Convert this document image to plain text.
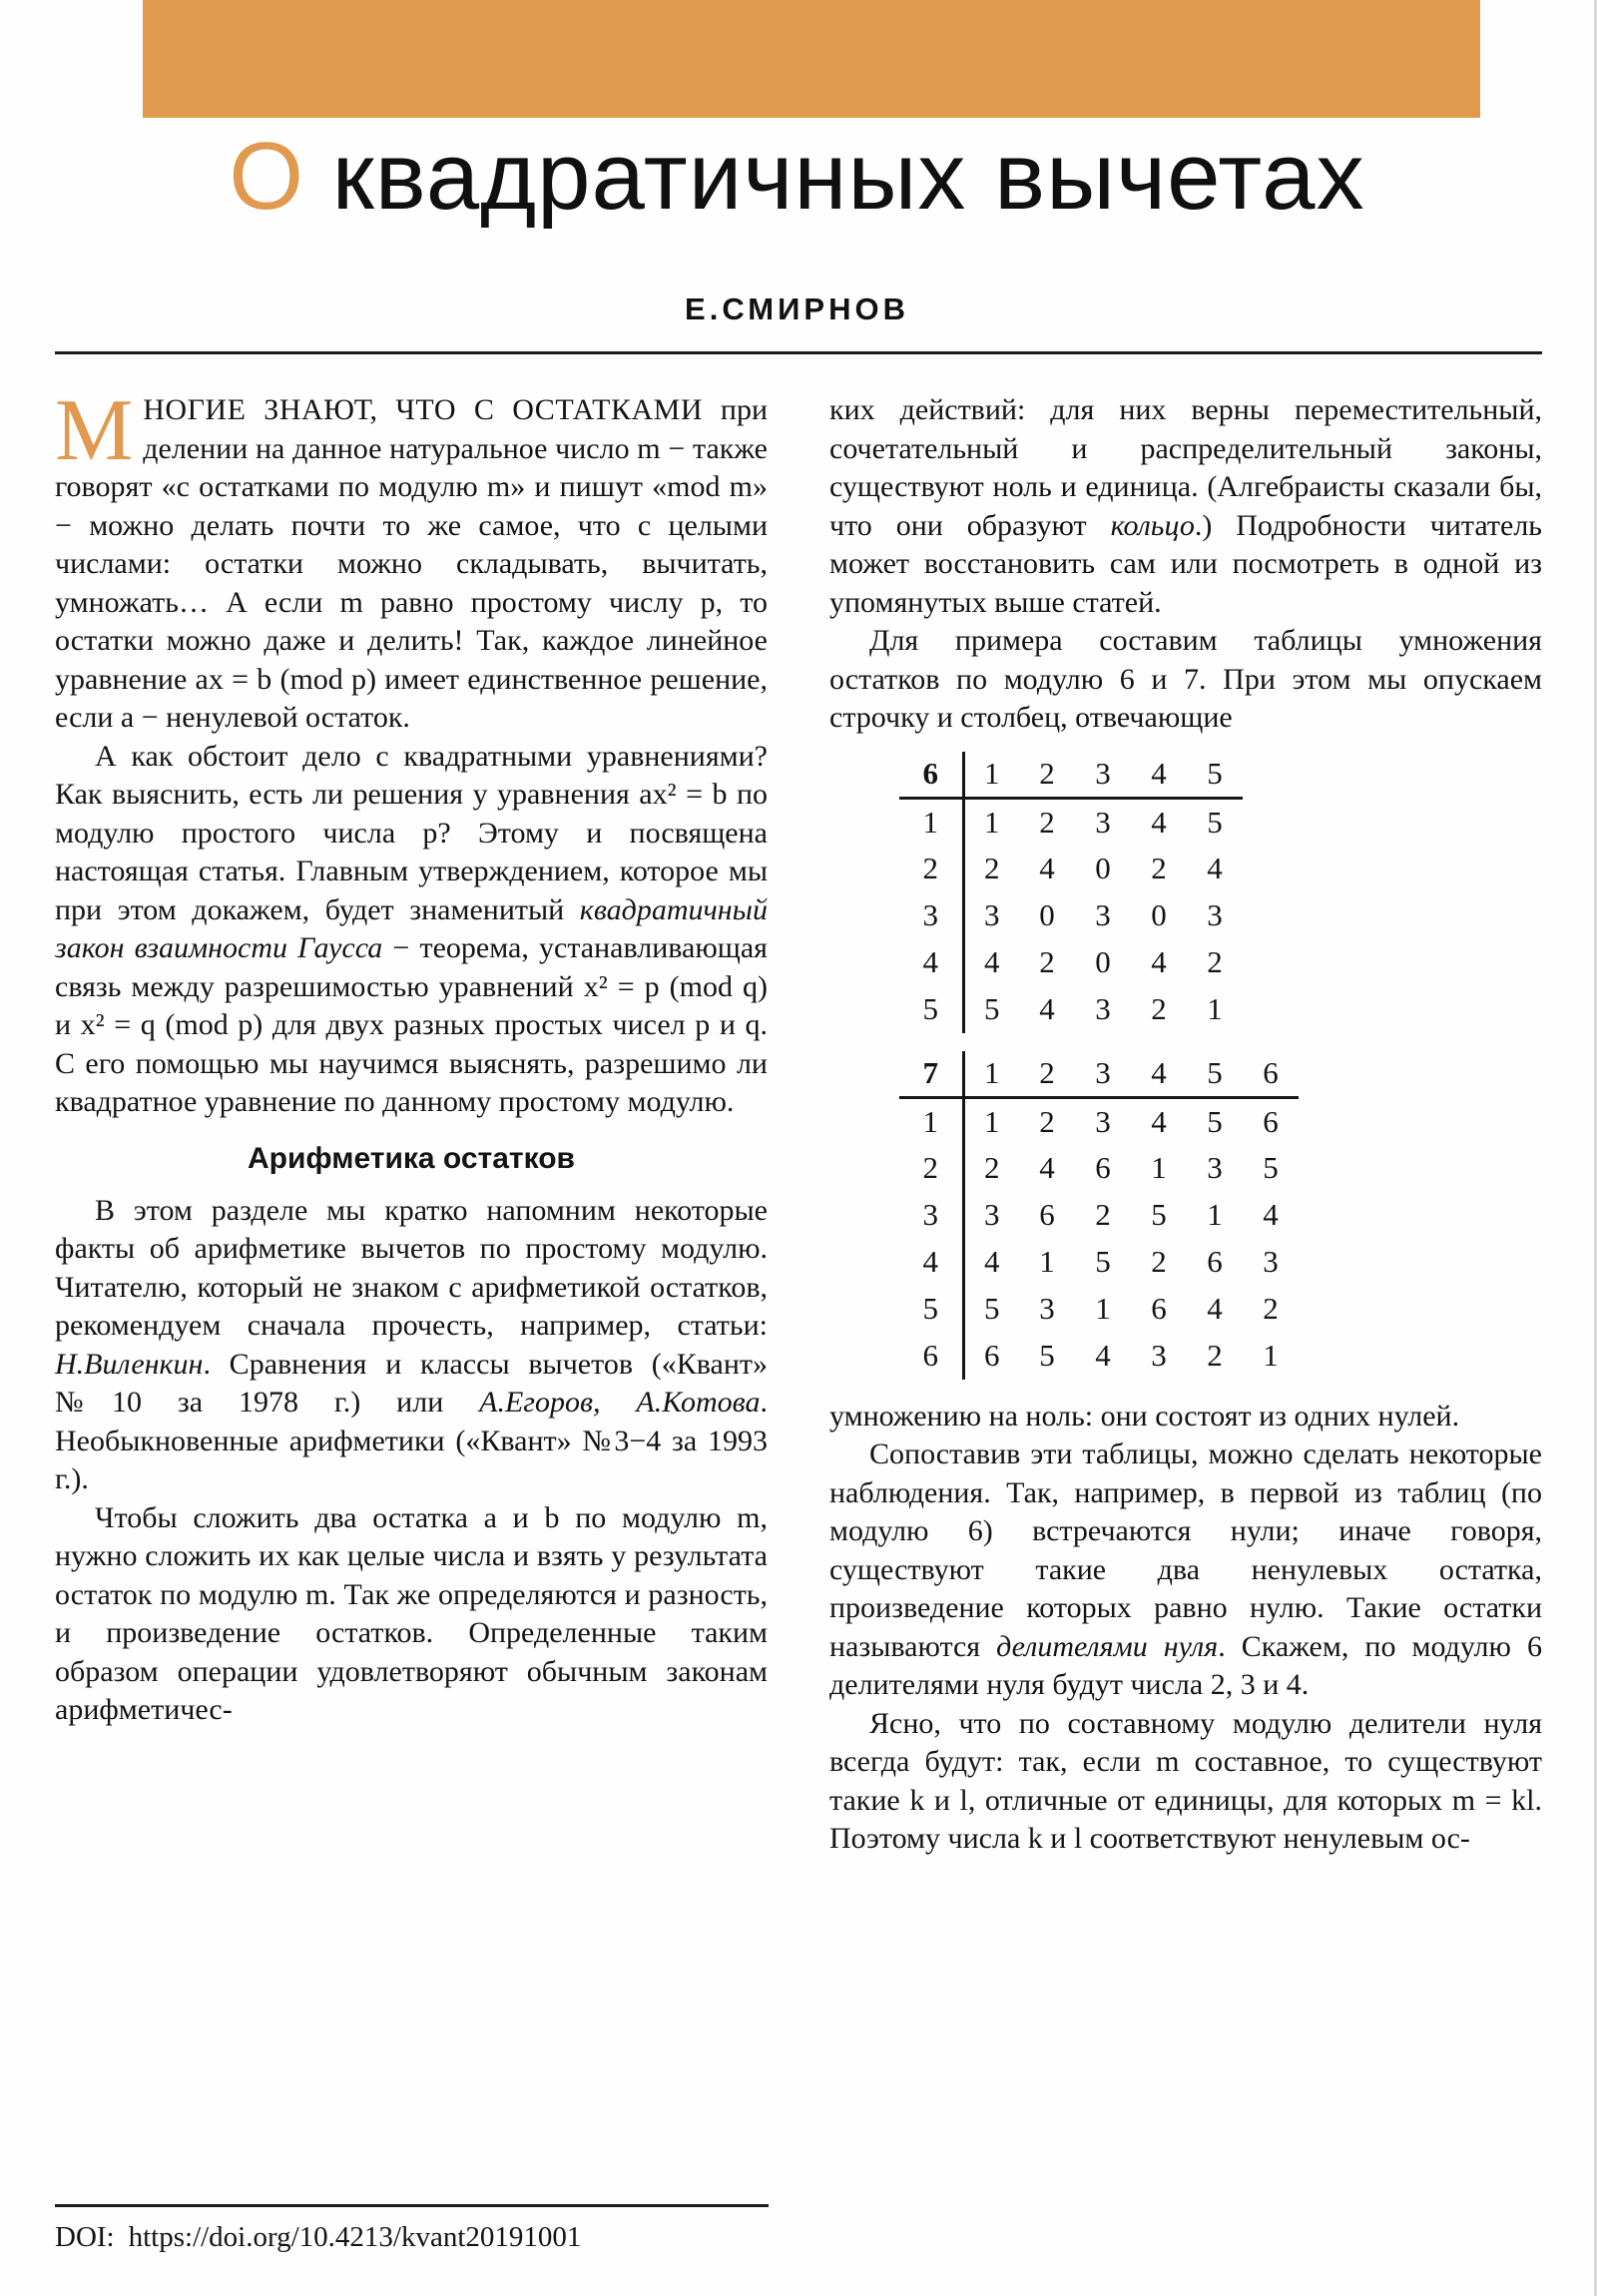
О квадратичных вычетах
Е.СМИРНОВ

МНОГИЕ ЗНАЮТ, ЧТО С ОСТАТКАМИ при делении на данное натуральное число m − также говорят «с остатками по модулю m» и пишут «mod m» − можно делать почти то же самое, что с целыми числами: остатки можно складывать, вычитать, умножать… А если m равно простому числу p, то остатки можно даже и делить! Так, каждое линейное уравнение ax = b (mod p) имеет единственное решение, если a − ненулевой остаток.

А как обстоит дело с квадратными уравнениями? Как выяснить, есть ли решения у уравнения ax² = b по модулю простого числа p? Этому и посвящена настоящая статья. Главным утверждением, которое мы при этом докажем, будет знаменитый квадратичный закон взаимности Гаусса − теорема, устанавливающая связь между разрешимостью уравнений x² = p (mod q) и x² = q (mod p) для двух разных простых чисел p и q. С его помощью мы научимся выяснять, разрешимо ли квадратное уравнение по данному простому модулю.

Арифметика остатков

В этом разделе мы кратко напомним некоторые факты об арифметике вычетов по простому модулю. Читателю, который не знаком с арифметикой остатков, рекомендуем сначала прочесть, например, статьи: Н.Виленкин. Сравнения и классы вычетов («Квант» №10 за 1978 г.) или А.Егоров, А.Котова. Необыкновенные арифметики («Квант» №3−4 за 1993 г.).

Чтобы сложить два остатка a и b по модулю m, нужно сложить их как целые числа и взять у результата остаток по модулю m. Так же определяются и разность, и произведение остатков. Определенные таким образом операции удовлетворяют обычным законам арифметичес-

ких действий: для них верны переместительный, сочетательный и распределительный законы, существуют ноль и единица. (Алгебраисты сказали бы, что они образуют кольцо.) Подробности читатель может восстановить сам или посмотреть в одной из упомянутых выше статей.

Для примера составим таблицы умножения остатков по модулю 6 и 7. При этом мы опускаем строчку и столбец, отвечающие

6	1	2	3	4	5
1	1	2	3	4	5
2	2	4	0	2	4
3	3	0	3	0	3
4	4	2	0	4	2
5	5	4	3	2	1
7	1	2	3	4	5	6
1	1	2	3	4	5	6
2	2	4	6	1	3	5
3	3	6	2	5	1	4
4	4	1	5	2	6	3
5	5	3	1	6	4	2
6	6	5	4	3	2	1

умножению на ноль: они состоят из одних нулей.

Сопоставив эти таблицы, можно сделать некоторые наблюдения. Так, например, в первой из таблиц (по модулю 6) встречаются нули; иначе говоря, существуют такие два ненулевых остатка, произведение которых равно нулю. Такие остатки называются делителями нуля. Скажем, по модулю 6 делителями нуля будут числа 2, 3 и 4.

Ясно, что по составному модулю делители нуля всегда будут: так, если m составное, то существуют такие k и l, отличные от единицы, для которых m = kl. Поэтому числа k и l соответствуют ненулевым ос-

DOI: https://doi.org/10.4213/kvant20191001
